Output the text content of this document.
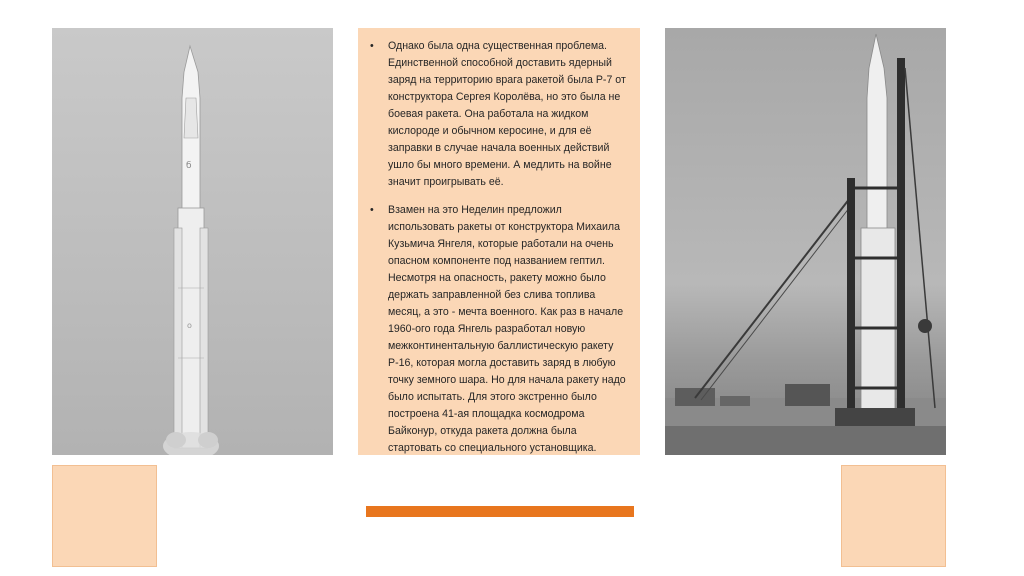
б
о
• Однако была одна существенная проблема. Единственной способной доставить ядерный заряд на территорию врага ракетой была Р-7 от конструктора Сергея Королёва, но это была не боевая ракета. Она работала на жидком кислороде и обычном керосине, и для её заправки в случае начала военных действий ушло бы много времени. А медлить на войне значит проигрывать её.
• Взамен на это Неделин предложил использовать ракеты от конструктора Михаила Кузьмича Янгеля, которые работали на очень опасном компоненте под названием гептил. Несмотря на опасность, ракету можно было держать заправленной без слива топлива месяц, а это - мечта военного. Как раз в начале 1960-ого года Янгель разработал новую межконтинентальную баллистическую ракету Р-16, которая могла доставить заряд в любую точку земного шара. Но для начала ракету надо было испытать. Для этого экстренно было построена 41-ая площадка космодрома Байконур, откуда ракета должна была стартовать со специального установщика.
